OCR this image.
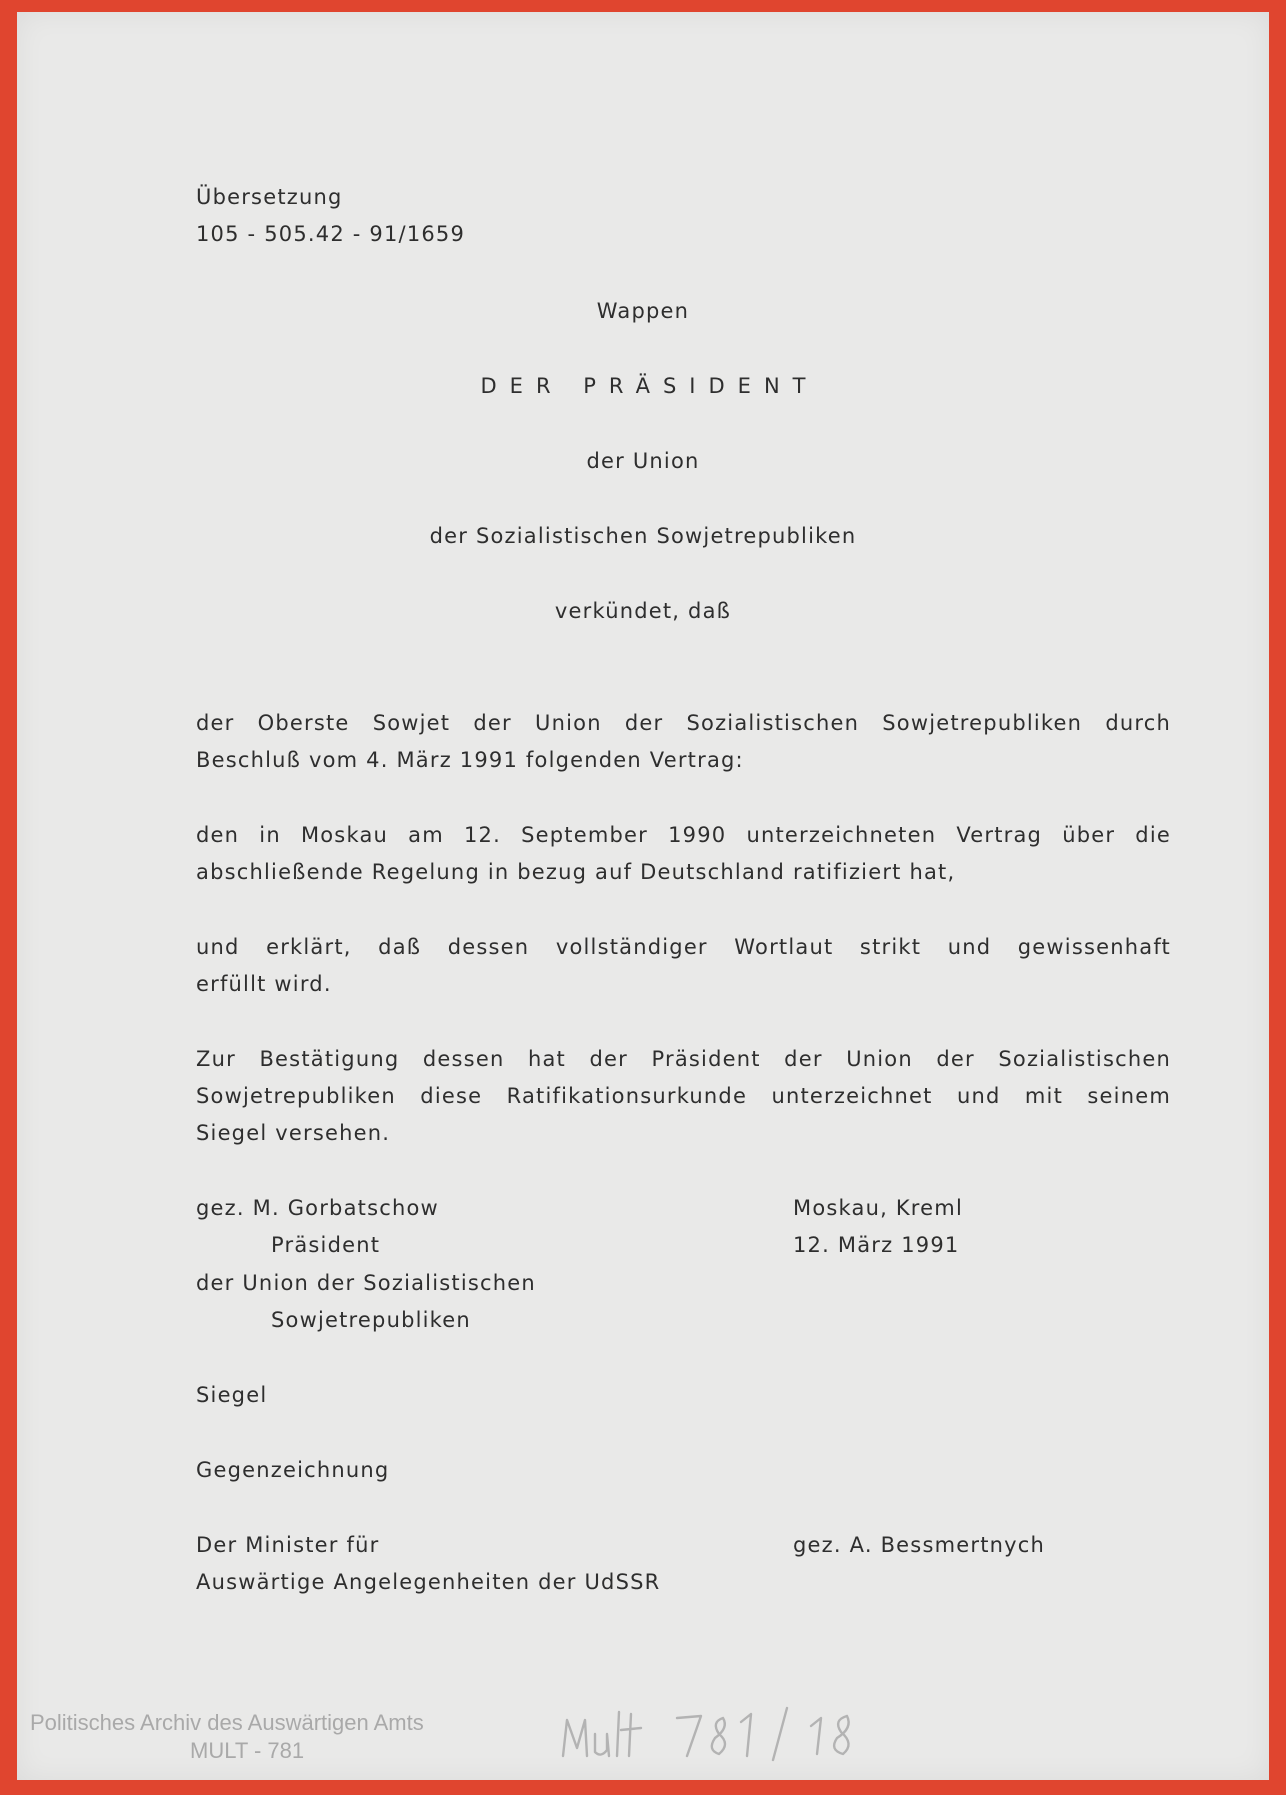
Übersetzung
105 - 505.42 - 91/1659
Wappen
DER PRÄSIDENT
der Union
der Sozialistischen Sowjetrepubliken
verkündet, daß
der Oberste Sowjet der Union der Sozialistischen Sowjetrepubliken durch
Beschluß vom 4. März 1991 folgenden Vertrag:
den in Moskau am 12. September 1990 unterzeichneten Vertrag über die
abschließende Regelung in bezug auf Deutschland ratifiziert hat,
und erklärt, daß dessen vollständiger Wortlaut strikt und gewissenhaft
erfüllt wird.
Zur Bestätigung dessen hat der Präsident der Union der Sozialistischen
Sowjetrepubliken diese Ratifikationsurkunde unterzeichnet und mit seinem
Siegel versehen.
gez. M. Gorbatschow
Präsident
der Union der Sozialistischen
Sowjetrepubliken
Moskau, Kreml
12. März 1991
Siegel
Gegenzeichnung
Der Minister für
Auswärtige Angelegenheiten der UdSSR
gez. A. Bessmertnych
Politisches Archiv des Auswärtigen Amts
MULT - 781
